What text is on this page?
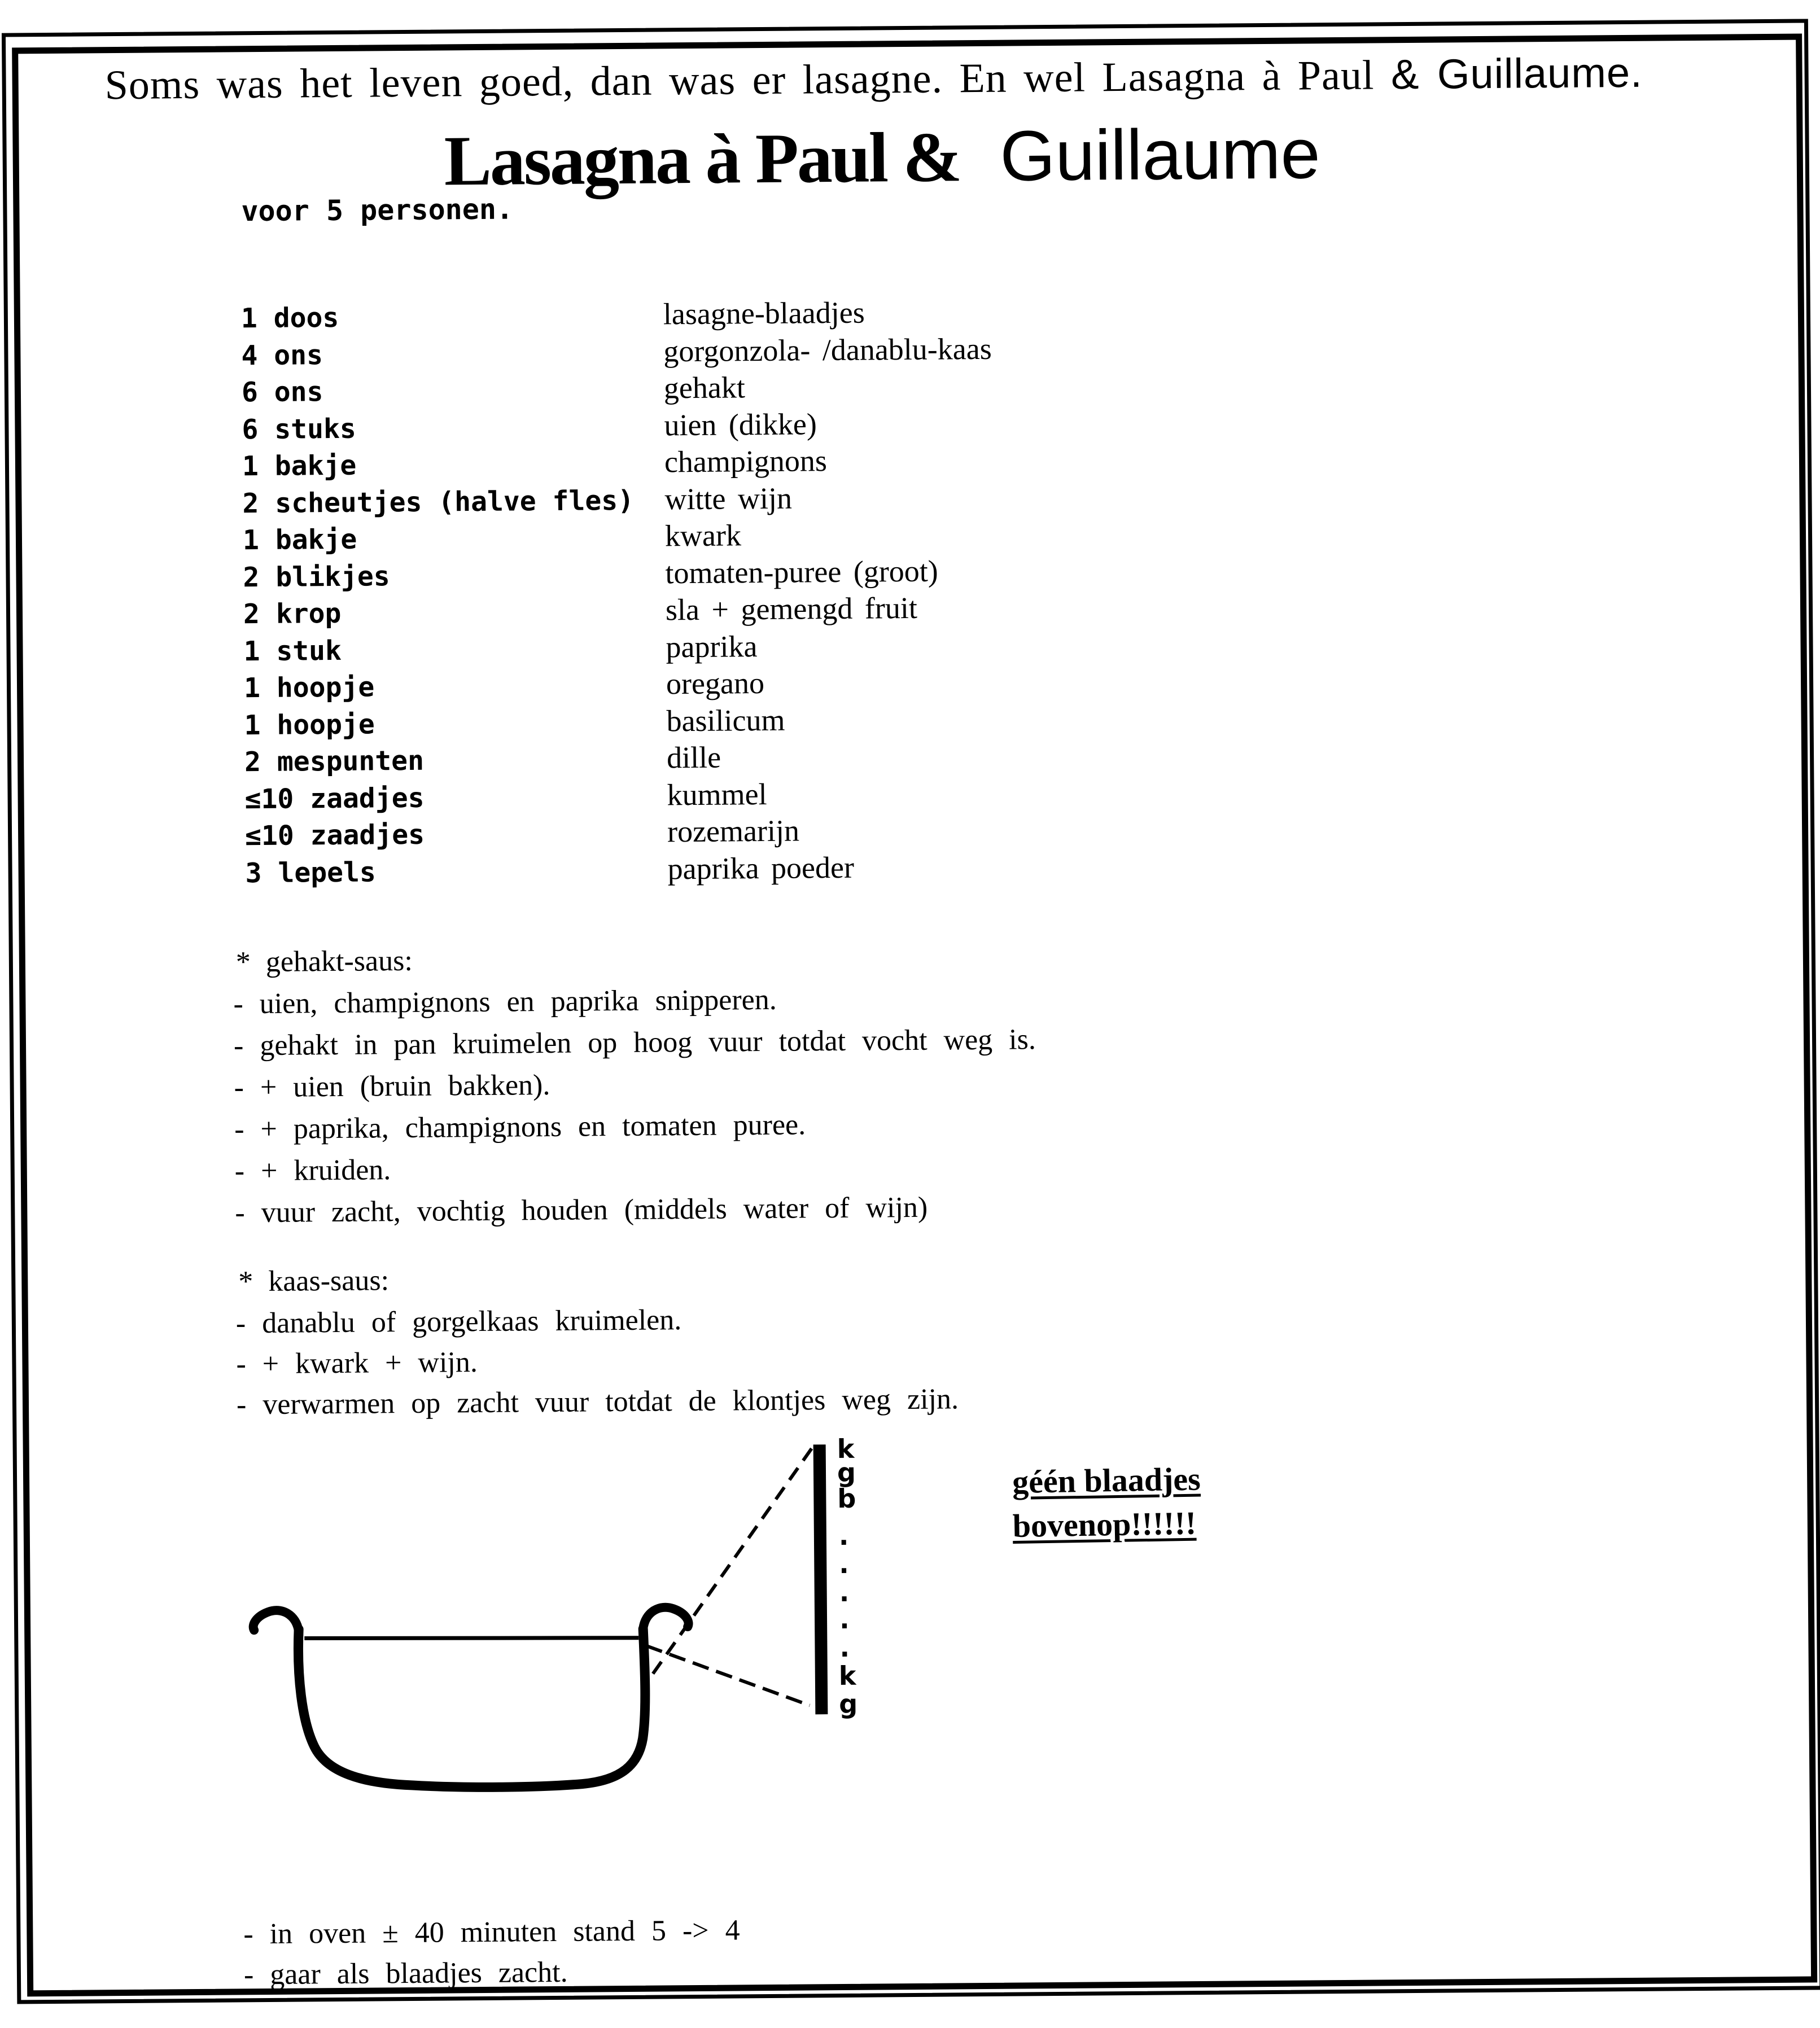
Soms was het leven goed, dan was er lasagne. En wel Lasagna à Paul & Guillaume.
Lasagna à Paul &  Guillaume
voor 5 personen.
1 doos	lasagne-blaadjes
4 ons	gorgonzola- /danablu-kaas
6 ons	gehakt
6 stuks	uien (dikke)
1 bakje	champignons
2 scheutjes (halve fles) witte wijn
1 bakje	kwark
2 blikjes	tomaten-puree (groot)
2 krop	sla + gemengd fruit
1 stuk	paprika
1 hoopje	oregano
1 hoopje	basilicum
2 mespunten	dille
≤10 zaadjes	kummel
≤10 zaadjes	rozemarijn
3 lepels	paprika poeder
* gehakt-saus:
- uien, champignons en paprika snipperen.
- gehakt in pan kruimelen op hoog vuur totdat vocht weg is.
- + uien (bruin bakken).
- + paprika, champignons en tomaten puree.
- + kruiden.
- vuur zacht, vochtig houden (middels water of wijn)
* kaas-saus:
- danablu of gorgelkaas kruimelen.
- + kwark + wijn.
- verwarmen op zacht vuur totdat de klontjes weg zijn.
k
g
b
.
.
.
.
.
k
g
géén blaadjes
bovenop!!!!!!
- in oven ± 40 minuten stand 5 -> 4
- gaar als blaadjes zacht.
